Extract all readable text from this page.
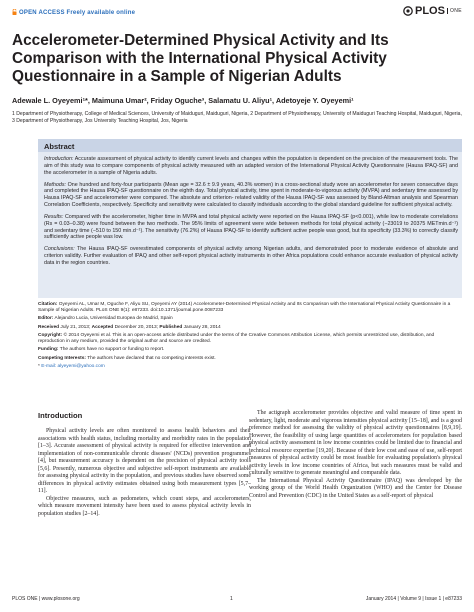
OPEN ACCESS Freely available online	PLOS	ONE
Accelerometer-Determined Physical Activity and Its Comparison with the International Physical Activity Questionnaire in a Sample of Nigerian Adults
Adewale L. Oyeyemi¹*, Maimuna Umar², Friday Oguche³, Salamatu U. Aliyu¹, Adetoyeje Y. Oyeyemi¹
1 Department of Physiotherapy, College of Medical Sciences, University of Maiduguri, Maiduguri, Nigeria, 2 Department of Physiotherapy, University of Maiduguri Teaching Hospital, Maiduguri, Nigeria, 3 Department of Physiotherapy, Jos University Teaching Hospital, Jos, Nigeria
Abstract

Introduction: Accurate assessment of physical activity to identify current levels and changes within the population is dependent on the precision of the measurement tools. The aim of this study was to compare components of physical activity measured with an adapted version of the International Physical Activity Questionnaire (Hausa IPAQ-SF) and the accelerometer in a sample of Nigeria adults.

Methods: One hundred and forty-four participants (Mean age = 32.6 ± 9.9 years, 40.3% women) in a cross-sectional study wore an accelerometer for seven consecutive days and completed the Hausa IPAQ-SF questionnaire on the eighth day. Total physical activity, time spent in moderate-to-vigorous activity (MVPA) and sedentary time assessed by Hausa IPAQ-SF and accelerometer were compared. The absolute and criterion- related validity of the Hausa IPAQ-SF was assessed by Bland-Altman analysis and Spearman Correlation Coefficients, respectively. Specificity and sensitivity were calculated to classify individuals according to the global standard guideline for sufficient physical activity.

Results: Compared with the accelerometer, higher time in MVPA and total physical activity were reported on the Hausa IPAQ-SF (p<0.001), while low to moderate correlations (Rs = 0.03–0.38) were found between the two methods. The 95% limits of agreement were wide between methods for total physical activity (−23019 to 20375 METmin.d⁻¹) and sedentary time (−510 to 150 min.d⁻¹). The sensitivity (76.2%) of Hausa IPAQ-SF to identify sufficient active people was good, but its specificity (33.3%) to correctly classify sufficiently active people was low.

Conclusions: The Hausa IPAQ-SF overestimated components of physical activity among Nigerian adults, and demonstrated poor to moderate evidence of absolute and criterion validity. Further evaluation of IPAQ and other self-report physical activity instruments in other Africa populations could enhance accurate evaluation of physical activity data in the region countries.

Citation: Oyeyemi AL, Umar M, Oguche F, Aliyu SU, Oyeyemi AY (2014) Accelerometer-Determined Physical Activity and Its Comparison with the International Physical Activity Questionnaire in a Sample of Nigerian Adults. PLoS ONE 9(1): e87233. doi:10.1371/journal.pone.0087233

Editor: Alejandro Lucia, Universidad Europea de Madrid, Spain

Received July 21, 2013; Accepted December 20, 2013; Published January 28, 2014

Copyright: © 2014 Oyeyemi et al. This is an open-access article distributed under the terms of the Creative Commons Attribution License, which permits unrestricted use, distribution, and reproduction in any medium, provided the original author and source are credited.

Funding: The authors have no support or funding to report.

Competing Interests: The authors have declared that no competing interests exist.

* E-mail: alyeyemi@yahoo.com

Introduction

Physical activity levels are often monitored to assess health behaviors and their associations with health status, including mortality and morbidity rates in the population [1–3]. Accurate assessment of physical activity is required for effective intervention and implementation of non-communicable chronic diseases' (NCDs) prevention programmes [4], but measurement accuracy is dependent on the precision of physical activity tools [5,6]. Presently, numerous objective and subjective self-report instruments are available for assessing physical activity in the population, and previous studies have observed some differences in physical activity estimates obtained using both measurement types [5,7–11].

Objective measures, such as pedometers, which count steps, and accelerometers, which measure movement intensity have been used to assess physical activity levels in population studies [2–14].

The actigraph accelerometer provides objective and valid measure of time spent in sedentary, light, moderate and vigorous intensities physical activity [15–18], and is a good reference method for assessing the validity of physical activity questionnaires [8,9,19]. However, the feasibility of using large quantities of accelerometers for population based physical activity assessment in low income countries could be limited due to financial and technical resource expertise [19,20]. Because of their low cost and ease of use, self-report measures of physical activity could be most feasible for evaluating population's physical activity levels in low income countries of Africa, but such measures must be valid and culturally sensitive to generate meaningful and comparable data.

The International Physical Activity Questionnaire (IPAQ) was developed by the working group of the World Health Organization (WHO) and the Center for Disease Control and Prevention (CDC) in the United States as a self-report of physical

PLOS ONE | www.plosone.org	1	January 2014 | Volume 9 | Issue 1 | e87233
